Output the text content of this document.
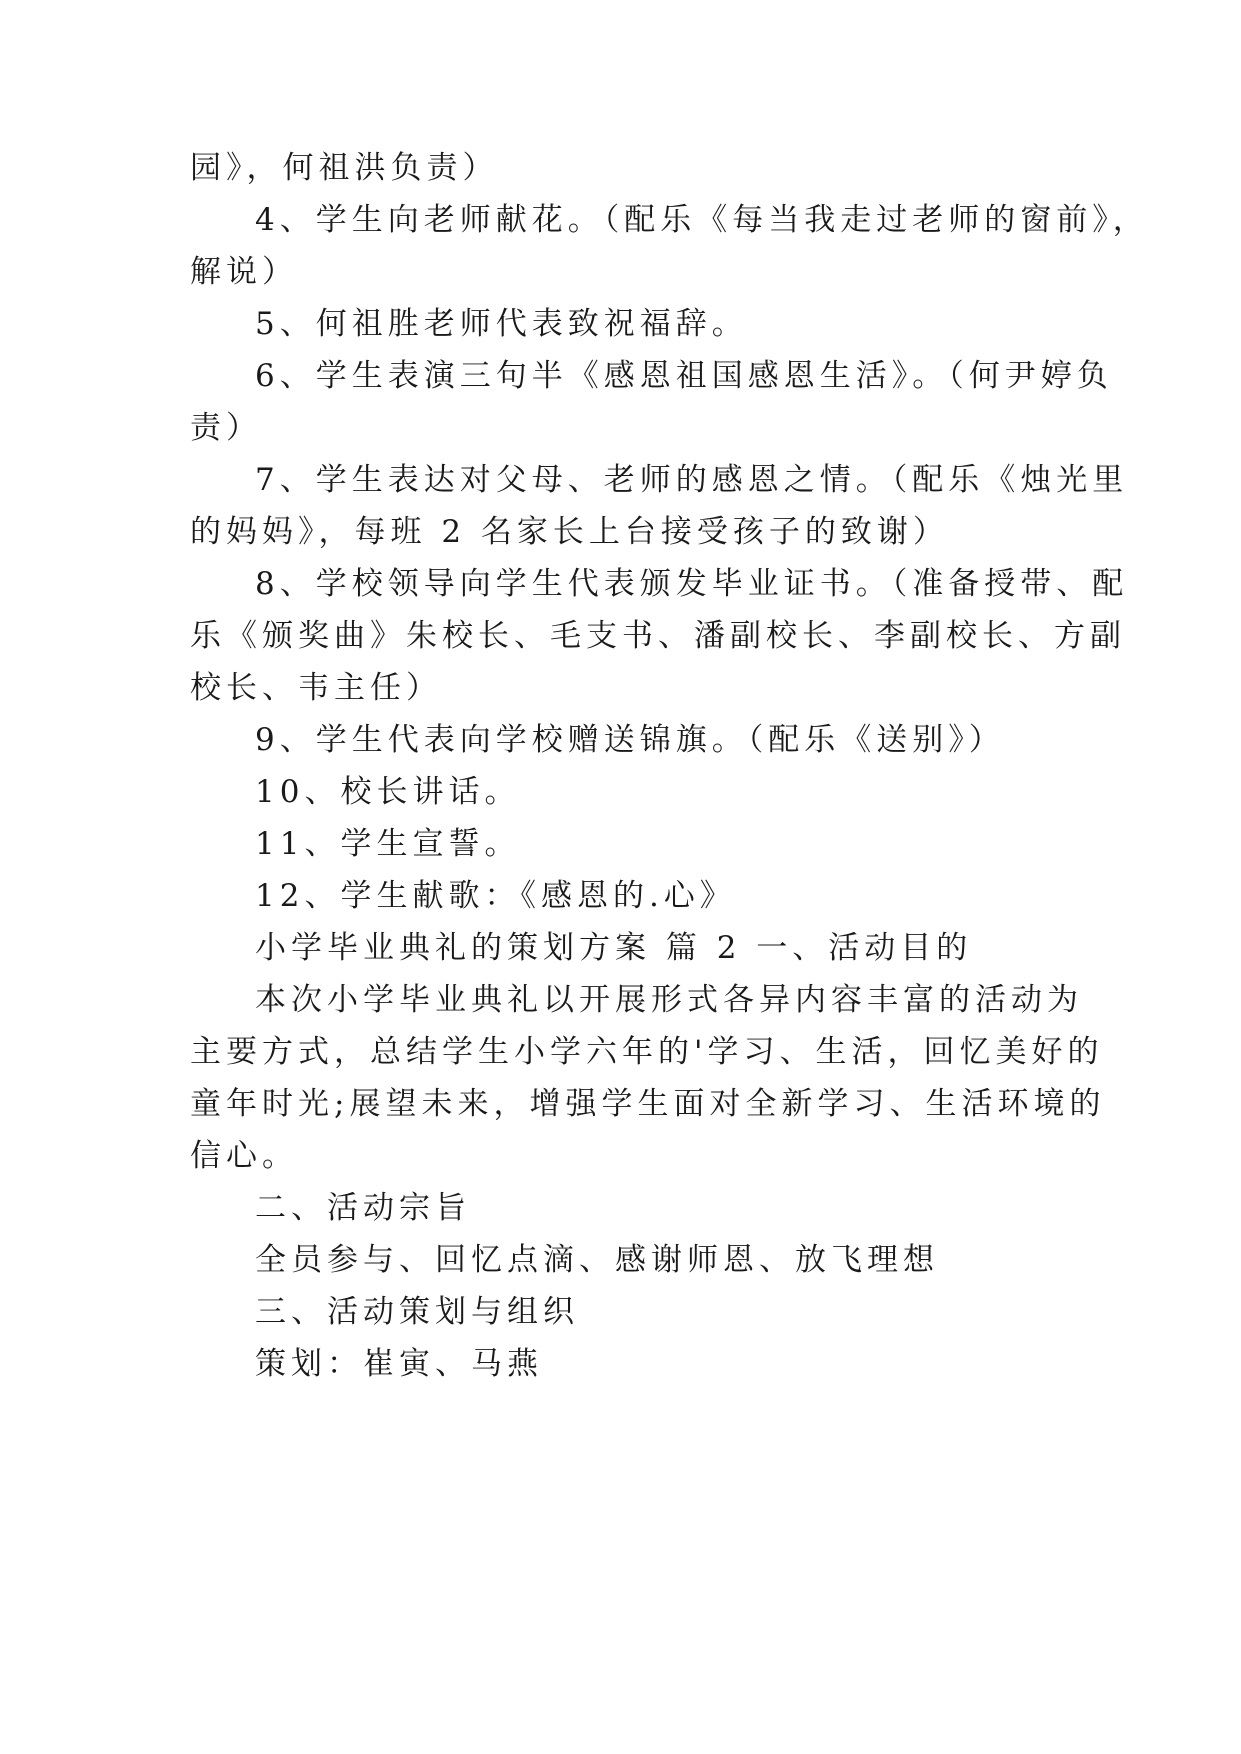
园》，何祖洪负责）
4、学生向老师献花。（配乐《每当我走过老师的窗前》，
解说）
5、何祖胜老师代表致祝福辞。
6、学生表演三句半《感恩祖国感恩生活》。（何尹婷负
责）
7、学生表达对父母、老师的感恩之情。（配乐《烛光里
的妈妈》，每班 2 名家长上台接受孩子的致谢）
8、学校领导向学生代表颁发毕业证书。（准备授带、配
乐《颁奖曲》朱校长、毛支书、潘副校长、李副校长、方副
校长、韦主任）
9、学生代表向学校赠送锦旗。（配乐《送别》）
10、校长讲话。
11、学生宣誓。
12、学生献歌：《感恩的.心》
小学毕业典礼的策划方案 篇 2 一、活动目的
本次小学毕业典礼以开展形式各异内容丰富的活动为
主要方式，总结学生小学六年的'学习、生活，回忆美好的
童年时光;展望未来，增强学生面对全新学习、生活环境的
信心。
二、活动宗旨
全员参与、回忆点滴、感谢师恩、放飞理想
三、活动策划与组织
策划：崔寅、马燕
